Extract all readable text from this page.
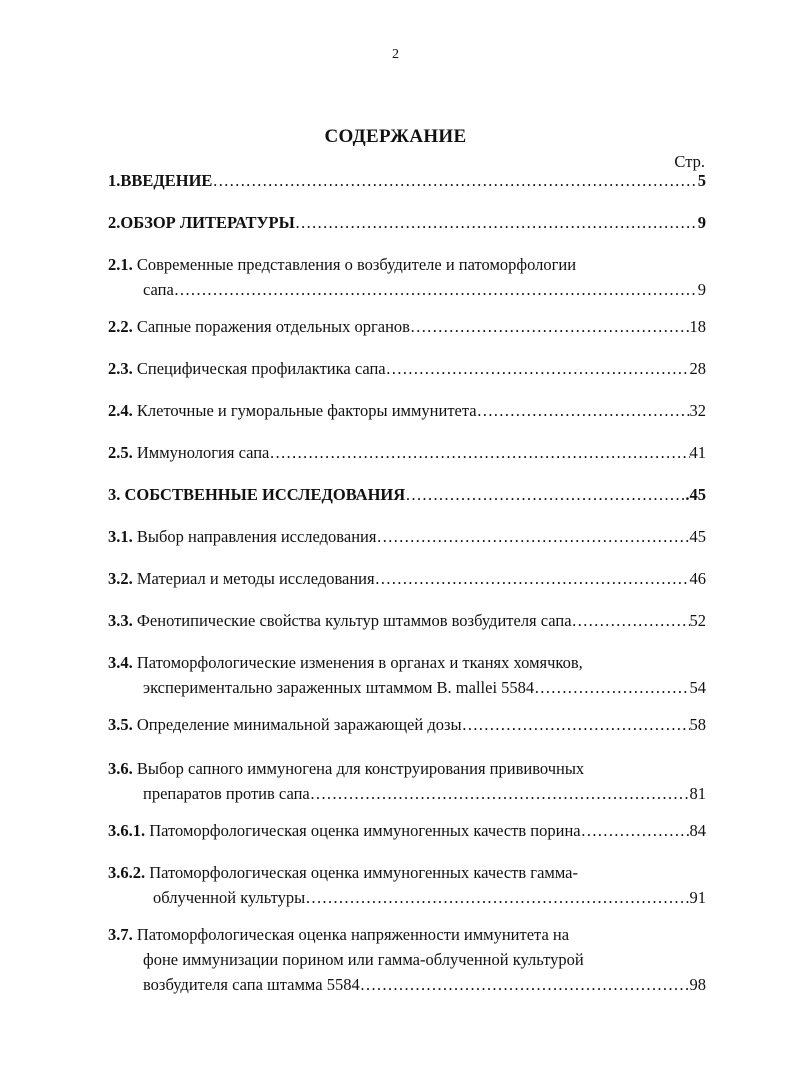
2
СОДЕРЖАНИЕ
Стр.
1.ВВЕДЕНИЕ ………………………………………………………………………………………………………………………………	5
2.ОБЗОР ЛИТЕРАТУРЫ ………………………………………………………………………………………………………………………………	9
2.1. Современные представления о возбудителе и патоморфологии
сапа ………………………………………………………………………………………………………………………………	9
2.2. Сапные поражения отдельных органов ………………………………………………………………………………………………………………………………	18
2.3. Специфическая профилактика сапа ………………………………………………………………………………………………………………………………	28
2.4. Клеточные и гуморальные факторы иммунитета ………………………………………………………………………………………………………………………………	32
2.5. Иммунология сапа ………………………………………………………………………………………………………………………………	41
3. СОБСТВЕННЫЕ ИССЛЕДОВАНИЯ ………………………………………………………………………………………………………………………………	.45
3.1. Выбор направления исследования ………………………………………………………………………………………………………………………………	45
3.2. Материал и методы исследования ………………………………………………………………………………………………………………………………	46
3.3. Фенотипические свойства культур штаммов возбудителя сапа ………………………………………………………………………………………………………………………………	52
3.4. Патоморфологические изменения в органах и тканях хомячков,
экспериментально зараженных штаммом B. mallei 5584 ………………………………………………………………………………………………………………………………	54
3.5. Определение минимальной заражающей дозы ………………………………………………………………………………………………………………………………	58
3.6. Выбор сапного иммуногена для конструирования прививочных
препаратов против сапа ………………………………………………………………………………………………………………………………	81
3.6.1. Патоморфологическая оценка иммуногенных качеств порина ………………………………………………………………………………………………………………………………	84
3.6.2. Патоморфологическая оценка иммуногенных качеств гамма-
облученной культуры ………………………………………………………………………………………………………………………………	91
3.7. Патоморфологическая оценка напряженности иммунитета на
фоне иммунизации порином или гамма-облученной культурой
возбудителя сапа штамма 5584 ………………………………………………………………………………………………………………………………	98
